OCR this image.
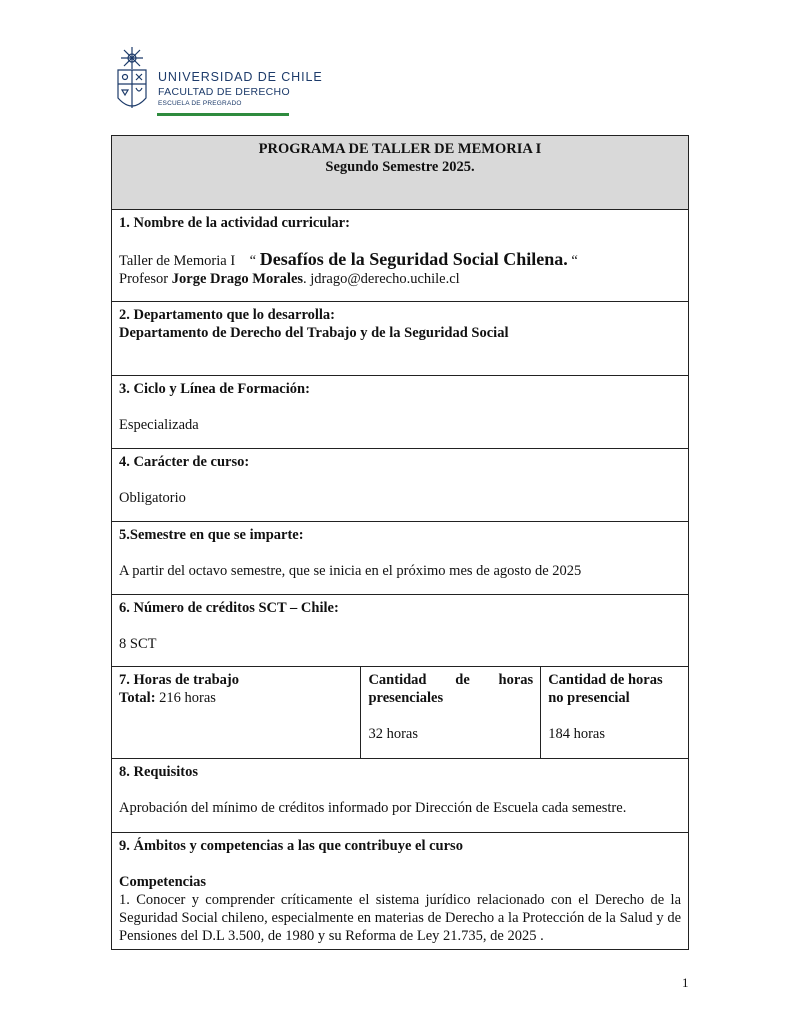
UNIVERSIDAD DE CHILE
FACULTAD DE DERECHO
ESCUELA DE PREGRADO
PROGRAMA DE TALLER DE MEMORIA I
Segundo Semestre 2025.

1. Nombre de la actividad curricular:
Taller de Memoria I “ Desafíos de la Seguridad Social Chilena. “
Profesor Jorge Drago Morales. jdrago@derecho.uchile.cl

2. Departamento que lo desarrolla:
Departamento de Derecho del Trabajo y de la Seguridad Social

3. Ciclo y Línea de Formación:
Especializada

4. Carácter de curso:
Obligatorio

5.Semestre en que se imparte:
A partir del octavo semestre, que se inicia en el próximo mes de agosto de 2025

6. Número de créditos SCT – Chile:
8 SCT

7. Horas de trabajo
Total: 216 horas

Cantidad de horas presenciales
32 horas

Cantidad de horas no presencial
184 horas

8. Requisitos
Aprobación del mínimo de créditos informado por Dirección de Escuela cada semestre.

9. Ámbitos y competencias a las que contribuye el curso
Competencias
1. Conocer y comprender críticamente el sistema jurídico relacionado con el Derecho de la Seguridad Social chileno, especialmente en materias de Derecho a la Protección de la Salud y de Pensiones del D.L 3.500, de 1980 y su Reforma de Ley 21.735, de 2025 .
1
